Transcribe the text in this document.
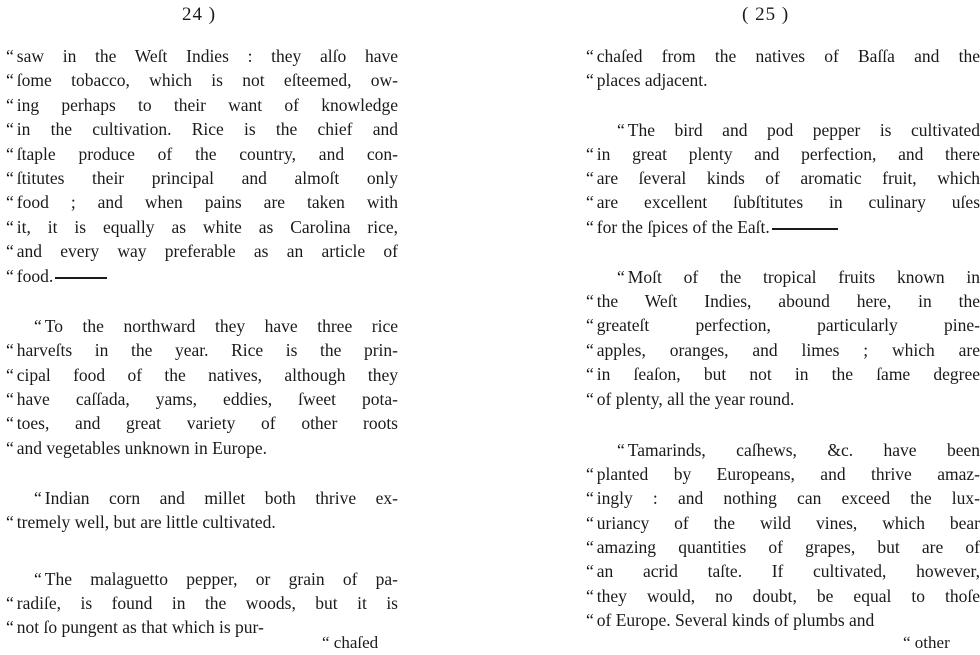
24 )
“ saw in the Weſt Indies : they alſo have
“ ſome tobacco, which is not eſteemed, ow-
“ ing perhaps to their want of knowledge
“ in the cultivation. Rice is the chief and
“ ſtaple produce of the country, and con-
“ ſtitutes their principal and almoſt only
“ food ; and when pains are taken with
“ it, it is equally as white as Carolina rice,
“ and every way preferable as an article of
“ food.
“ To the northward they have three rice
“ harveſts in the year. Rice is the prin-
“ cipal food of the natives, although they
“ have caſſada, yams, eddies, ſweet pota-
“ toes, and great variety of other roots
“ and vegetables unknown in Europe.
“ Indian corn and millet both thrive ex-
“ tremely well, but are little cultivated.
“ The malaguetto pepper, or grain of pa-
“ radiſe, is found in the woods, but it is
“ not ſo pungent as that which is pur-
“ chaſed
( 25 )
“ chaſed from the natives of Baſſa and the
“ places adjacent.
“ The bird and pod pepper is cultivated
“ in great plenty and perfection, and there
“ are ſeveral kinds of aromatic fruit, which
“ are excellent ſubſtitutes in culinary uſes
“ for the ſpices of the Eaſt.
“ Moſt of the tropical fruits known in
“ the Weſt Indies, abound here, in the
“ greateſt perfection, particularly pine-
“ apples, oranges, and limes ; which are
“ in ſeaſon, but not in the ſame degree
“ of plenty, all the year round.
“ Tamarinds, caſhews, &c. have been
“ planted by Europeans, and thrive amaz-
“ ingly : and nothing can exceed the lux-
“ uriancy of the wild vines, which bear
“ amazing quantities of grapes, but are of
“ an acrid taſte. If cultivated, however,
“ they would, no doubt, be equal to thoſe
“ of Europe. Several kinds of plumbs and
“ other
